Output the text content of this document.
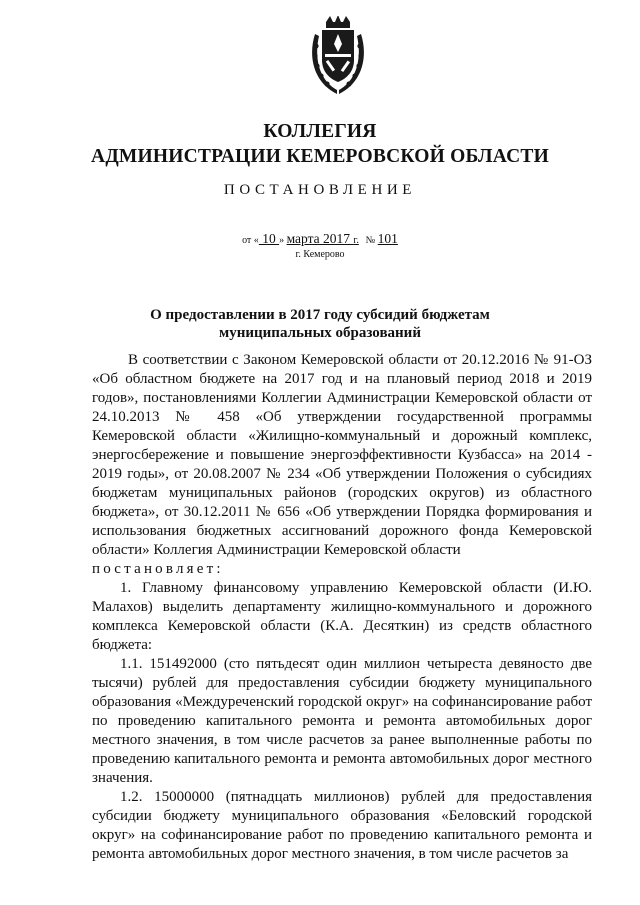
КОЛЛЕГИЯ
АДМИНИСТРАЦИИ КЕМЕРОВСКОЙ ОБЛАСТИ
ПОСТАНОВЛЕНИЕ
от « 10 » марта 2017 г. № 101
г. Кемерово
О предоставлении в 2017 году субсидий бюджетам
муниципальных образований

В соответствии с Законом Кемеровской области от 20.12.2016 № 91-ОЗ «Об областном бюджете на 2017 год и на плановый период 2018 и 2019 годов», постановлениями Коллегии Администрации Кемеровской области от 24.10.2013 № 458 «Об утверждении государственной программы Кемеровской области «Жилищно-коммунальный и дорожный комплекс, энергосбережение и повышение энергоэффективности Кузбасса» на 2014 - 2019 годы», от 20.08.2007 № 234 «Об утверждении Положения о субсидиях бюджетам муниципальных районов (городских округов) из областного бюджета», от 30.12.2011 № 656 «Об утверждении Порядка формирования и использования бюджетных ассигнований дорожного фонда Кемеровской области» Коллегия Администрации Кемеровской области

постановляет:

1. Главному финансовому управлению Кемеровской области (И.Ю. Малахов) выделить департаменту жилищно-коммунального и дорожного комплекса Кемеровской области (К.А. Десяткин) из средств областного бюджета:

1.1. 151492000 (сто пятьдесят один миллион четыреста девяносто две тысячи) рублей для предоставления субсидии бюджету муниципального образования «Междуреченский городской округ» на софинансирование работ по проведению капитального ремонта и ремонта автомобильных дорог местного значения, в том числе расчетов за ранее выполненные работы по проведению капитального ремонта и ремонта автомобильных дорог местного значения.

1.2. 15000000 (пятнадцать миллионов) рублей для предоставления субсидии бюджету муниципального образования «Беловский городской округ» на софинансирование работ по проведению капитального ремонта и ремонта автомобильных дорог местного значения, в том числе расчетов за
